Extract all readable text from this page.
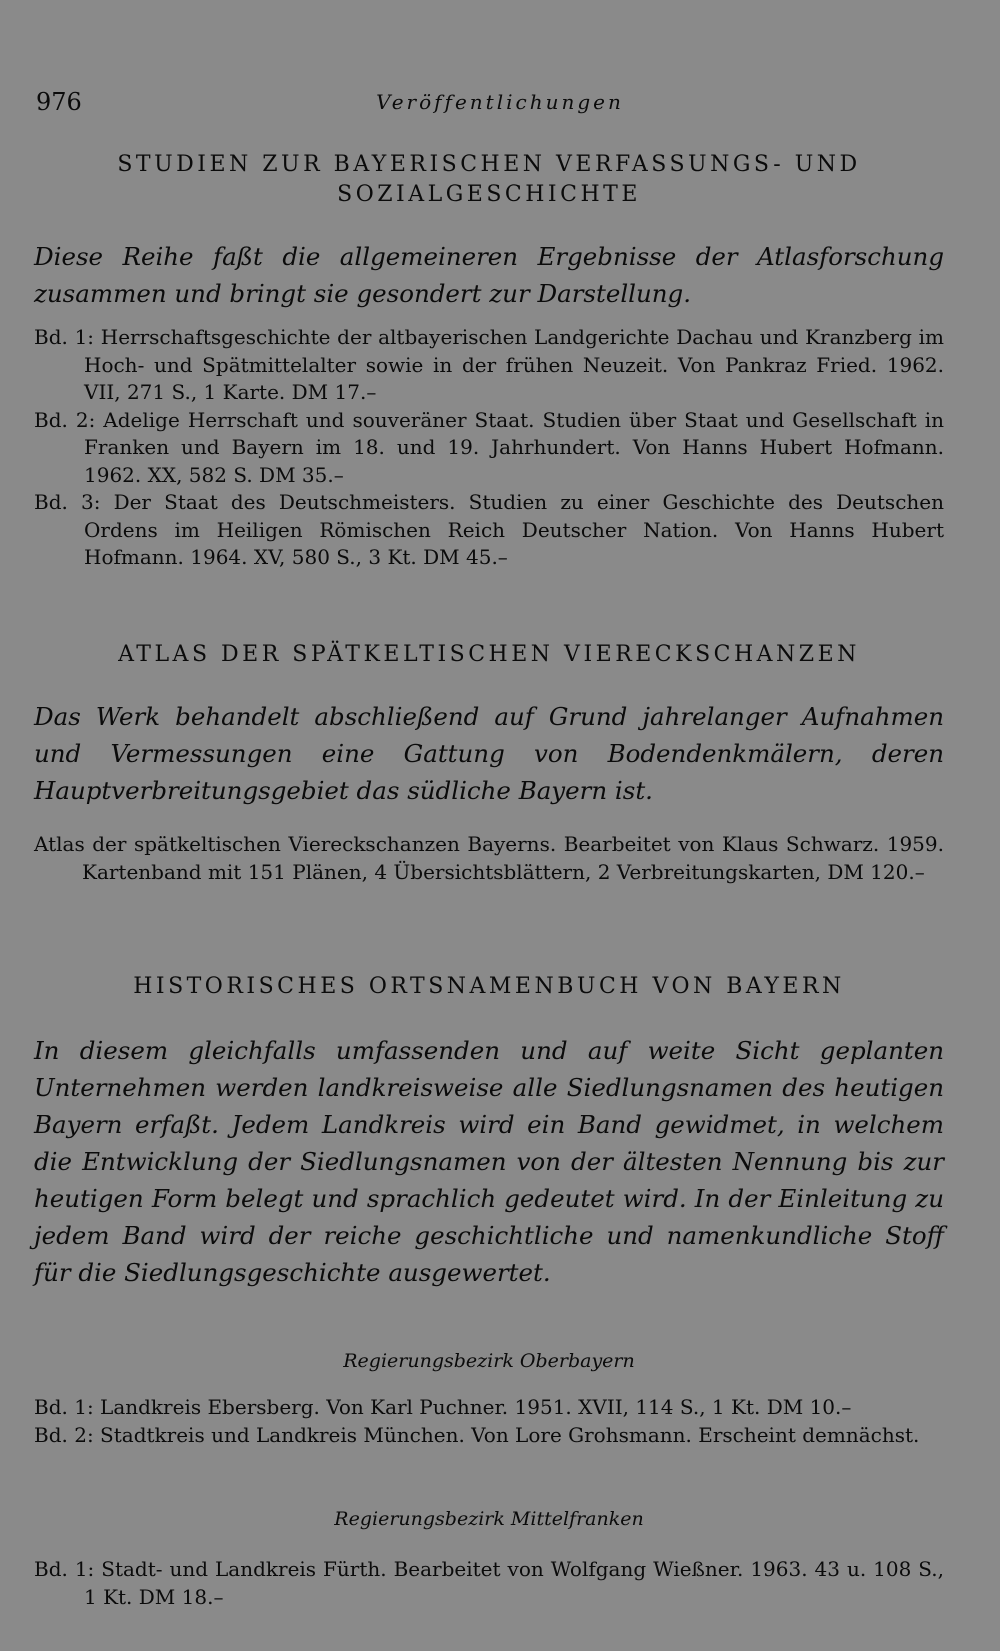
976	Veröffentlichungen
STUDIEN ZUR BAYERISCHEN VERFASSUNGS- UND
SOZIALGESCHICHTE

Diese Reihe faßt die allgemeineren Ergebnisse der Atlasforschung zusammen und bringt sie gesondert zur Darstellung.

Bd. 1: Herrschaftsgeschichte der altbayerischen Landgerichte Dachau und Kranzberg im Hoch- und Spätmittelalter sowie in der frühen Neuzeit. Von Pankraz Fried. 1962. VII, 271 S., 1 Karte. DM 17.–

Bd. 2: Adelige Herrschaft und souveräner Staat. Studien über Staat und Gesellschaft in Franken und Bayern im 18. und 19. Jahrhundert. Von Hanns Hubert Hofmann. 1962. XX, 582 S. DM 35.–

Bd. 3: Der Staat des Deutschmeisters. Studien zu einer Geschichte des Deutschen Ordens im Heiligen Römischen Reich Deutscher Nation. Von Hanns Hubert Hofmann. 1964. XV, 580 S., 3 Kt. DM 45.–

ATLAS DER SPÄTKELTISCHEN VIERECKSCHANZEN

Das Werk behandelt abschließend auf Grund jahrelanger Aufnahmen und Vermessungen eine Gattung von Bodendenkmälern, deren Hauptverbreitungsgebiet das südliche Bayern ist.

Atlas der spätkeltischen Viereckschanzen Bayerns. Bearbeitet von Klaus Schwarz. 1959. Kartenband mit 151 Plänen, 4 Übersichtsblättern, 2 Verbreitungskarten, DM 120.–

HISTORISCHES ORTSNAMENBUCH VON BAYERN

In diesem gleichfalls umfassenden und auf weite Sicht geplanten Unternehmen werden landkreisweise alle Siedlungsnamen des heutigen Bayern erfaßt. Jedem Landkreis wird ein Band gewidmet, in welchem die Entwicklung der Siedlungsnamen von der ältesten Nennung bis zur heutigen Form belegt und sprachlich gedeutet wird. In der Einleitung zu jedem Band wird der reiche geschichtliche und namenkundliche Stoff für die Siedlungsgeschichte ausgewertet.

Regierungsbezirk Oberbayern

Bd. 1: Landkreis Ebersberg. Von Karl Puchner. 1951. XVII, 114 S., 1 Kt. DM 10.–

Bd. 2: Stadtkreis und Landkreis München. Von Lore Grohsmann. Erscheint demnächst.

Regierungsbezirk Mittelfranken

Bd. 1: Stadt- und Landkreis Fürth. Bearbeitet von Wolfgang Wießner. 1963. 43 u. 108 S., 1 Kt. DM 18.–
